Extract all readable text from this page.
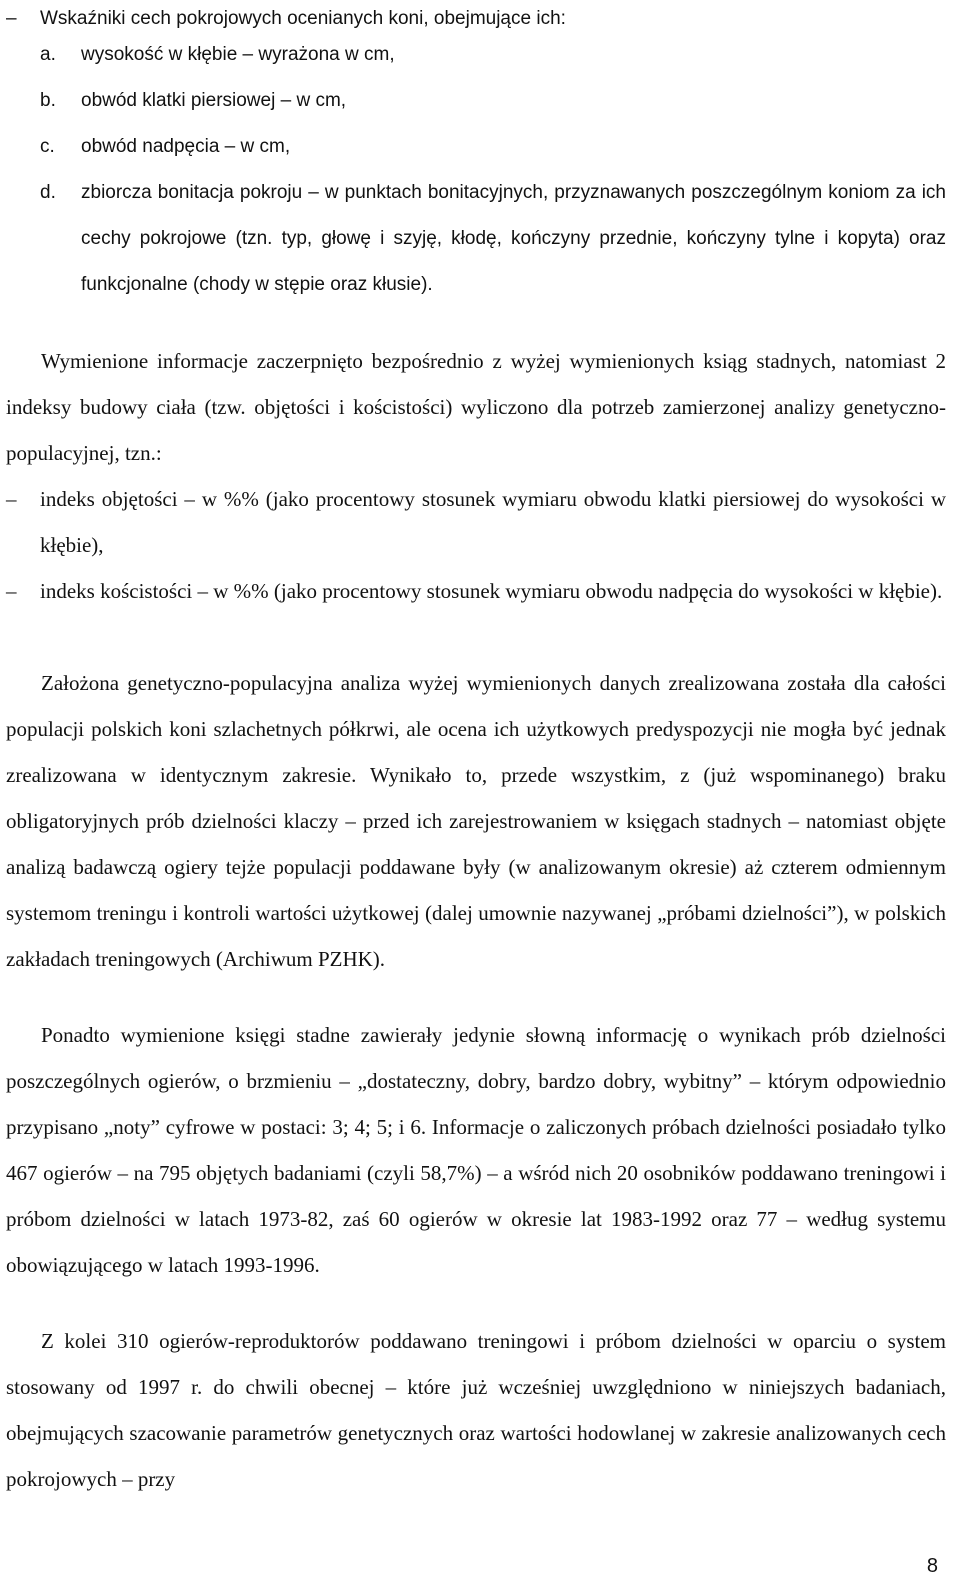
–	Wskaźniki cech pokrojowych ocenianych koni, obejmujące ich:
a.	wysokość w kłębie – wyrażona w cm,
b.	obwód klatki piersiowej – w cm,
c.	obwód nadpęcia – w cm,
d.	zbiorcza bonitacja pokroju – w punktach bonitacyjnych, przyznawanych poszczególnym koniom za ich cechy pokrojowe (tzn. typ, głowę i szyję, kłodę, kończyny przednie, kończyny tylne i kopyta) oraz funkcjonalne (chody w stępie oraz kłusie).

Wymienione informacje zaczerpnięto bezpośrednio z wyżej wymienionych ksiąg stadnych, natomiast 2 indeksy budowy ciała (tzw. objętości i kościstości) wyliczono dla potrzeb zamierzonej analizy genetyczno-populacyjnej, tzn.:

–	indeks objętości – w %% (jako procentowy stosunek wymiaru obwodu klatki piersiowej do wysokości w kłębie),
–	indeks kościstości – w %% (jako procentowy stosunek wymiaru obwodu nadpęcia do wysokości w kłębie).

Założona genetyczno-populacyjna analiza wyżej wymienionych danych zrealizowana została dla całości populacji polskich koni szlachetnych półkrwi, ale ocena ich użytkowych predyspozycji nie mogła być jednak zrealizowana w identycznym zakresie. Wynikało to, przede wszystkim, z (już wspominanego) braku obligatoryjnych prób dzielności klaczy – przed ich zarejestrowaniem w księgach stadnych – natomiast objęte analizą badawczą ogiery tejże populacji poddawane były (w analizowanym okresie) aż czterem odmiennym systemom treningu i kontroli wartości użytkowej (dalej umownie nazywanej „próbami dzielności”), w polskich zakładach treningowych (Archiwum PZHK).

Ponadto wymienione księgi stadne zawierały jedynie słowną informację o wynikach prób dzielności poszczególnych ogierów, o brzmieniu – „dostateczny, dobry, bardzo dobry, wybitny” – którym odpowiednio przypisano „noty” cyfrowe w postaci: 3; 4; 5; i 6. Informacje o zaliczonych próbach dzielności posiadało tylko 467 ogierów – na 795 objętych badaniami (czyli 58,7%) – a wśród nich 20 osobników poddawano treningowi i próbom dzielności w latach 1973-82, zaś 60 ogierów w okresie lat 1983-1992 oraz 77 – według systemu obowiązującego w latach 1993-1996.

Z kolei 310 ogierów-reproduktorów poddawano treningowi i próbom dzielności w oparciu o system stosowany od 1997 r. do chwili obecnej – które już wcześniej uwzględniono w niniejszych badaniach, obejmujących szacowanie parametrów genetycznych oraz wartości hodowlanej w zakresie analizowanych cech pokrojowych – przy

8
